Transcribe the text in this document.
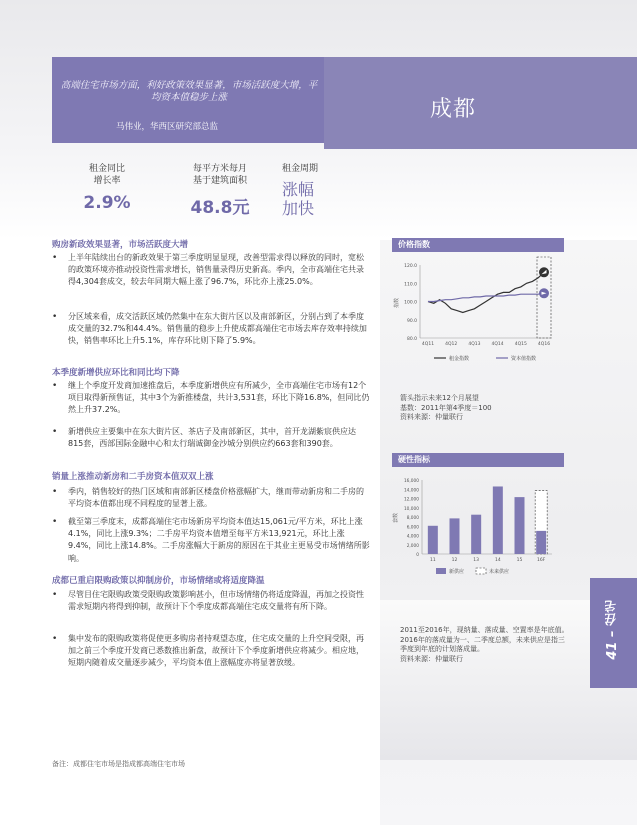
高端住宅市场方面，利好政策效果显著，市场活跃度大增，平均资本值稳步上涨
马伟业，华西区研究部总监
成都
租金同比
增长率
2.9%
每平方米每月
基于建筑面积
48.8元
租金周期
涨幅
加快
购房新政效果显著，市场活跃度大增
• 上半年陆续出台的新政效果于第三季度明显显现，改善型需求得以释放的同时，宽松的政策环境亦推动投资性需求增长，销售量录得历史新高。季内，全市高端住宅共录得4,304套成交，较去年同期大幅上涨了96.7%，环比亦上涨25.0%。
• 分区域来看，成交活跃区域仍然集中在东大街片区以及南部新区，分别占到了本季度成交量的32.7%和44.4%。销售量的稳步上升使成都高端住宅市场去库存效率持续加快，销售率环比上升5.1%，库存环比则下降了5.9%。
本季度新增供应环比和同比均下降
• 继上个季度开发商加速推盘后，本季度新增供应有所减少，全市高端住宅市场有12个项目取得新预售证，其中3个为新推楼盘，共计3,531套，环比下降16.8%，但同比仍然上升37.2%。
• 新增供应主要集中在东大街片区、茶店子及南部新区，其中，首开龙湖紫宸供应达815套，西部国际金融中心和太行瑞诚御金沙城分别供应约663套和390套。
销量上涨推动新房和二手房资本值双双上涨
• 季内，销售较好的热门区域和南部新区楼盘价格涨幅扩大，继而带动新房和二手房的平均资本值都出现不同程度的显著上涨。
• 截至第三季度末，成都高端住宅市场新房平均资本值达15,061元/平方米，环比上涨4.1%，同比上涨9.3%；二手房平均资本值增至每平方米13,921元，环比上涨9.4%，同比上涨14.8%。二手房涨幅大于新房的原因在于其业主更易受市场情绪所影响。
成都已重启限购政策以抑制房价，市场情绪或将适度降温
• 尽管目住宅限购政策受限购政策影响甚小，但市场情绪仍将适度降温，再加之投资性需求短期内将得到抑制，故预计下个季度成都高端住宅成交量将有所下降。
• 集中发布的限购政策将促使更多购房者持观望态度，住宅成交量的上升空间受限，再加之前三个季度开发商已悉数推出新盘，故预计下个季度新增供应将减少。相应地，短期内随着成交量逐步减少，平均资本值上涨幅度亦将显著放缓。
价格指数
80.0
90.0
100.0
110.0
120.0
指数
4Q11 4Q12 4Q13 4Q14 4Q15 4Q16
租金指数	资本值指数
箭头指示未来12个月展望
基数：2011年第4季度＝100
资料来源：仲量联行
硬性指标
0
2,000
4,000
6,000
8,000
10,000
12,000
14,000
16,000
套数
11	12	13	14	15	16F
新供应	未来供应
2011至2016年，现纳量、落成量、空置率是年底值。2016年的落成量为一、二季度总额，未来供应是指三季度到年底的计划落成量。
资料来源：仲量联行	41 – 住宅
备注：成都住宅市场是指成都高端住宅市场
